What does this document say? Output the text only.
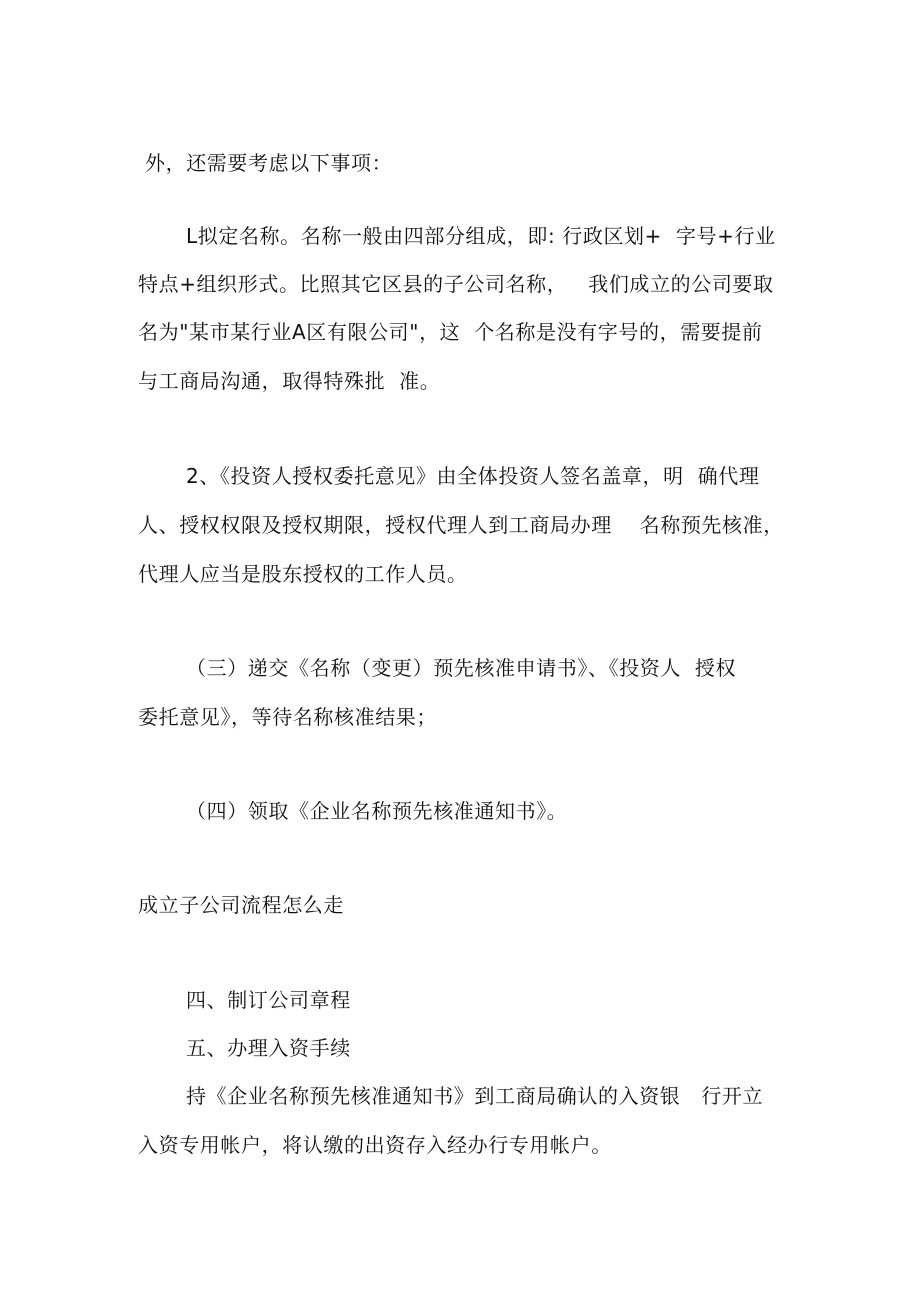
外，还需要考虑以下事项：
L拟定名称。名称一般由四部分组成，即: 行政区划+  字号+行业
特点+组织形式。比照其它区县的子公司名称，   我们成立的公司要取
名为"某市某行业A区有限公司"，这  个名称是没有字号的，需要提前
与工商局沟通，取得特殊批  准。
2、《投资人授权委托意见》由全体投资人签名盖章，明  确代理
人、授权权限及授权期限，授权代理人到工商局办理    名称预先核准，
代理人应当是股东授权的工作人员。
（三）递交《名称（变更）预先核准申请书》、《投资人  授权
委托意见》，等待名称核准结果；
（四）领取《企业名称预先核准通知书》。
成立子公司流程怎么走
四、制订公司章程
五、办理入资手续
持《企业名称预先核准通知书》到工商局确认的入资银   行开立
入资专用帐户，将认缴的出资存入经办行专用帐户。
